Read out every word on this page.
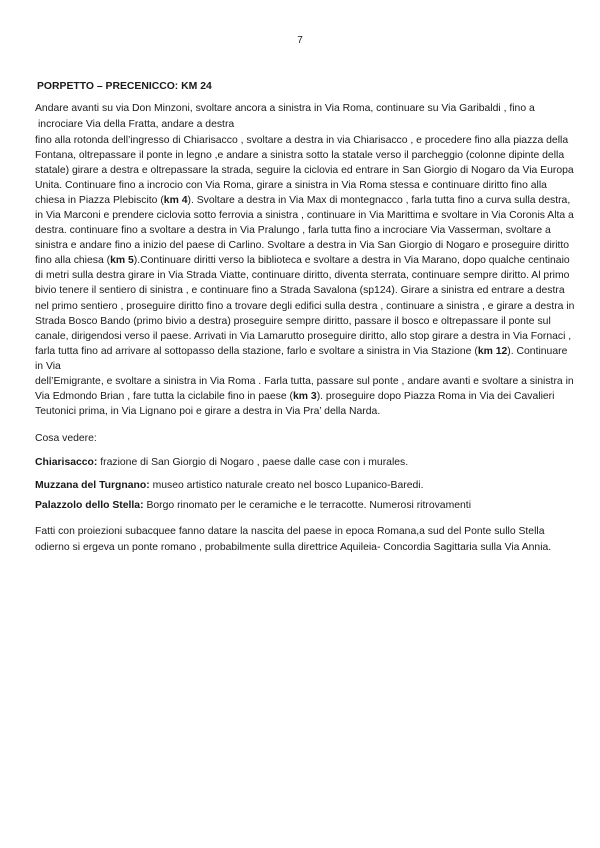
7

PORPETTO – PRECENICCO: KM 24

Andare avanti su via Don Minzoni, svoltare ancora a sinistra in Via Roma, continuare su Via Garibaldi , fino a
incrociare Via della Fratta, andare a destra

fino alla rotonda dell’ingresso di Chiarisacco , svoltare a destra in via Chiarisacco , e procedere fino alla piazza della Fontana, oltrepassare il ponte in legno ,e andare a sinistra sotto la statale verso il parcheggio (colonne dipinte della statale) girare a destra e oltrepassare la strada, seguire la ciclovia ed entrare in San Giorgio di Nogaro da Via Europa Unita. Continuare fino a incrocio con Via Roma, girare a sinistra in Via Roma stessa e continuare diritto fino alla chiesa in Piazza Plebiscito (km 4). Svoltare a destra in Via Max di montegnacco , farla tutta fino a curva sulla destra, in Via Marconi e prendere ciclovia sotto ferrovia a sinistra , continuare in Via Marittima e svoltare in Via Coronis Alta a destra. continuare fino a svoltare a destra in Via Pralungo , farla tutta fino a incrociare Via Vasserman, svoltare a sinistra e andare fino a inizio del paese di Carlino. Svoltare a destra in Via San Giorgio di Nogaro e proseguire diritto fino alla chiesa (km 5).Continuare diritti verso la biblioteca e svoltare a destra in Via Marano, dopo qualche centinaio di metri sulla destra girare in Via Strada Viatte, continuare diritto, diventa sterrata, continuare sempre diritto. Al primo bivio tenere il sentiero di sinistra , e continuare fino a Strada Savalona (sp124). Girare a sinistra ed entrare a destra nel primo sentiero , proseguire diritto fino a trovare degli edifici sulla destra , continuare a sinistra , e girare a destra in Strada Bosco Bando (primo bivio a destra) proseguire sempre diritto, passare il bosco e oltrepassare il ponte sul canale, dirigendosi verso il paese. Arrivati in Via Lamarutto proseguire diritto, allo stop girare a destra in Via Fornaci , farla tutta fino ad arrivare al sottopasso della stazione, farlo e svoltare a sinistra in Via Stazione (km 12). Continuare in Via
dell’Emigrante, e svoltare a sinistra in Via Roma . Farla tutta, passare sul ponte , andare avanti e svoltare a sinistra in Via Edmondo Brian , fare tutta la ciclabile fino in paese (km 3). proseguire dopo Piazza Roma in Via dei Cavalieri Teutonici prima, in Via Lignano poi e girare a destra in Via Pra’ della Narda.

Cosa vedere:

Chiarisacco: frazione di San Giorgio di Nogaro , paese dalle case con i murales.

Muzzana del Turgnano: museo artistico naturale creato nel bosco Lupanico-Baredi.

Palazzolo dello Stella: Borgo rinomato per le ceramiche e le terracotte. Numerosi ritrovamenti

Fatti con proiezioni subacquee fanno datare la nascita del paese in epoca Romana,a sud del Ponte sullo Stella odierno si ergeva un ponte romano , probabilmente sulla direttrice Aquileia- Concordia Sagittaria sulla Via Annia.
